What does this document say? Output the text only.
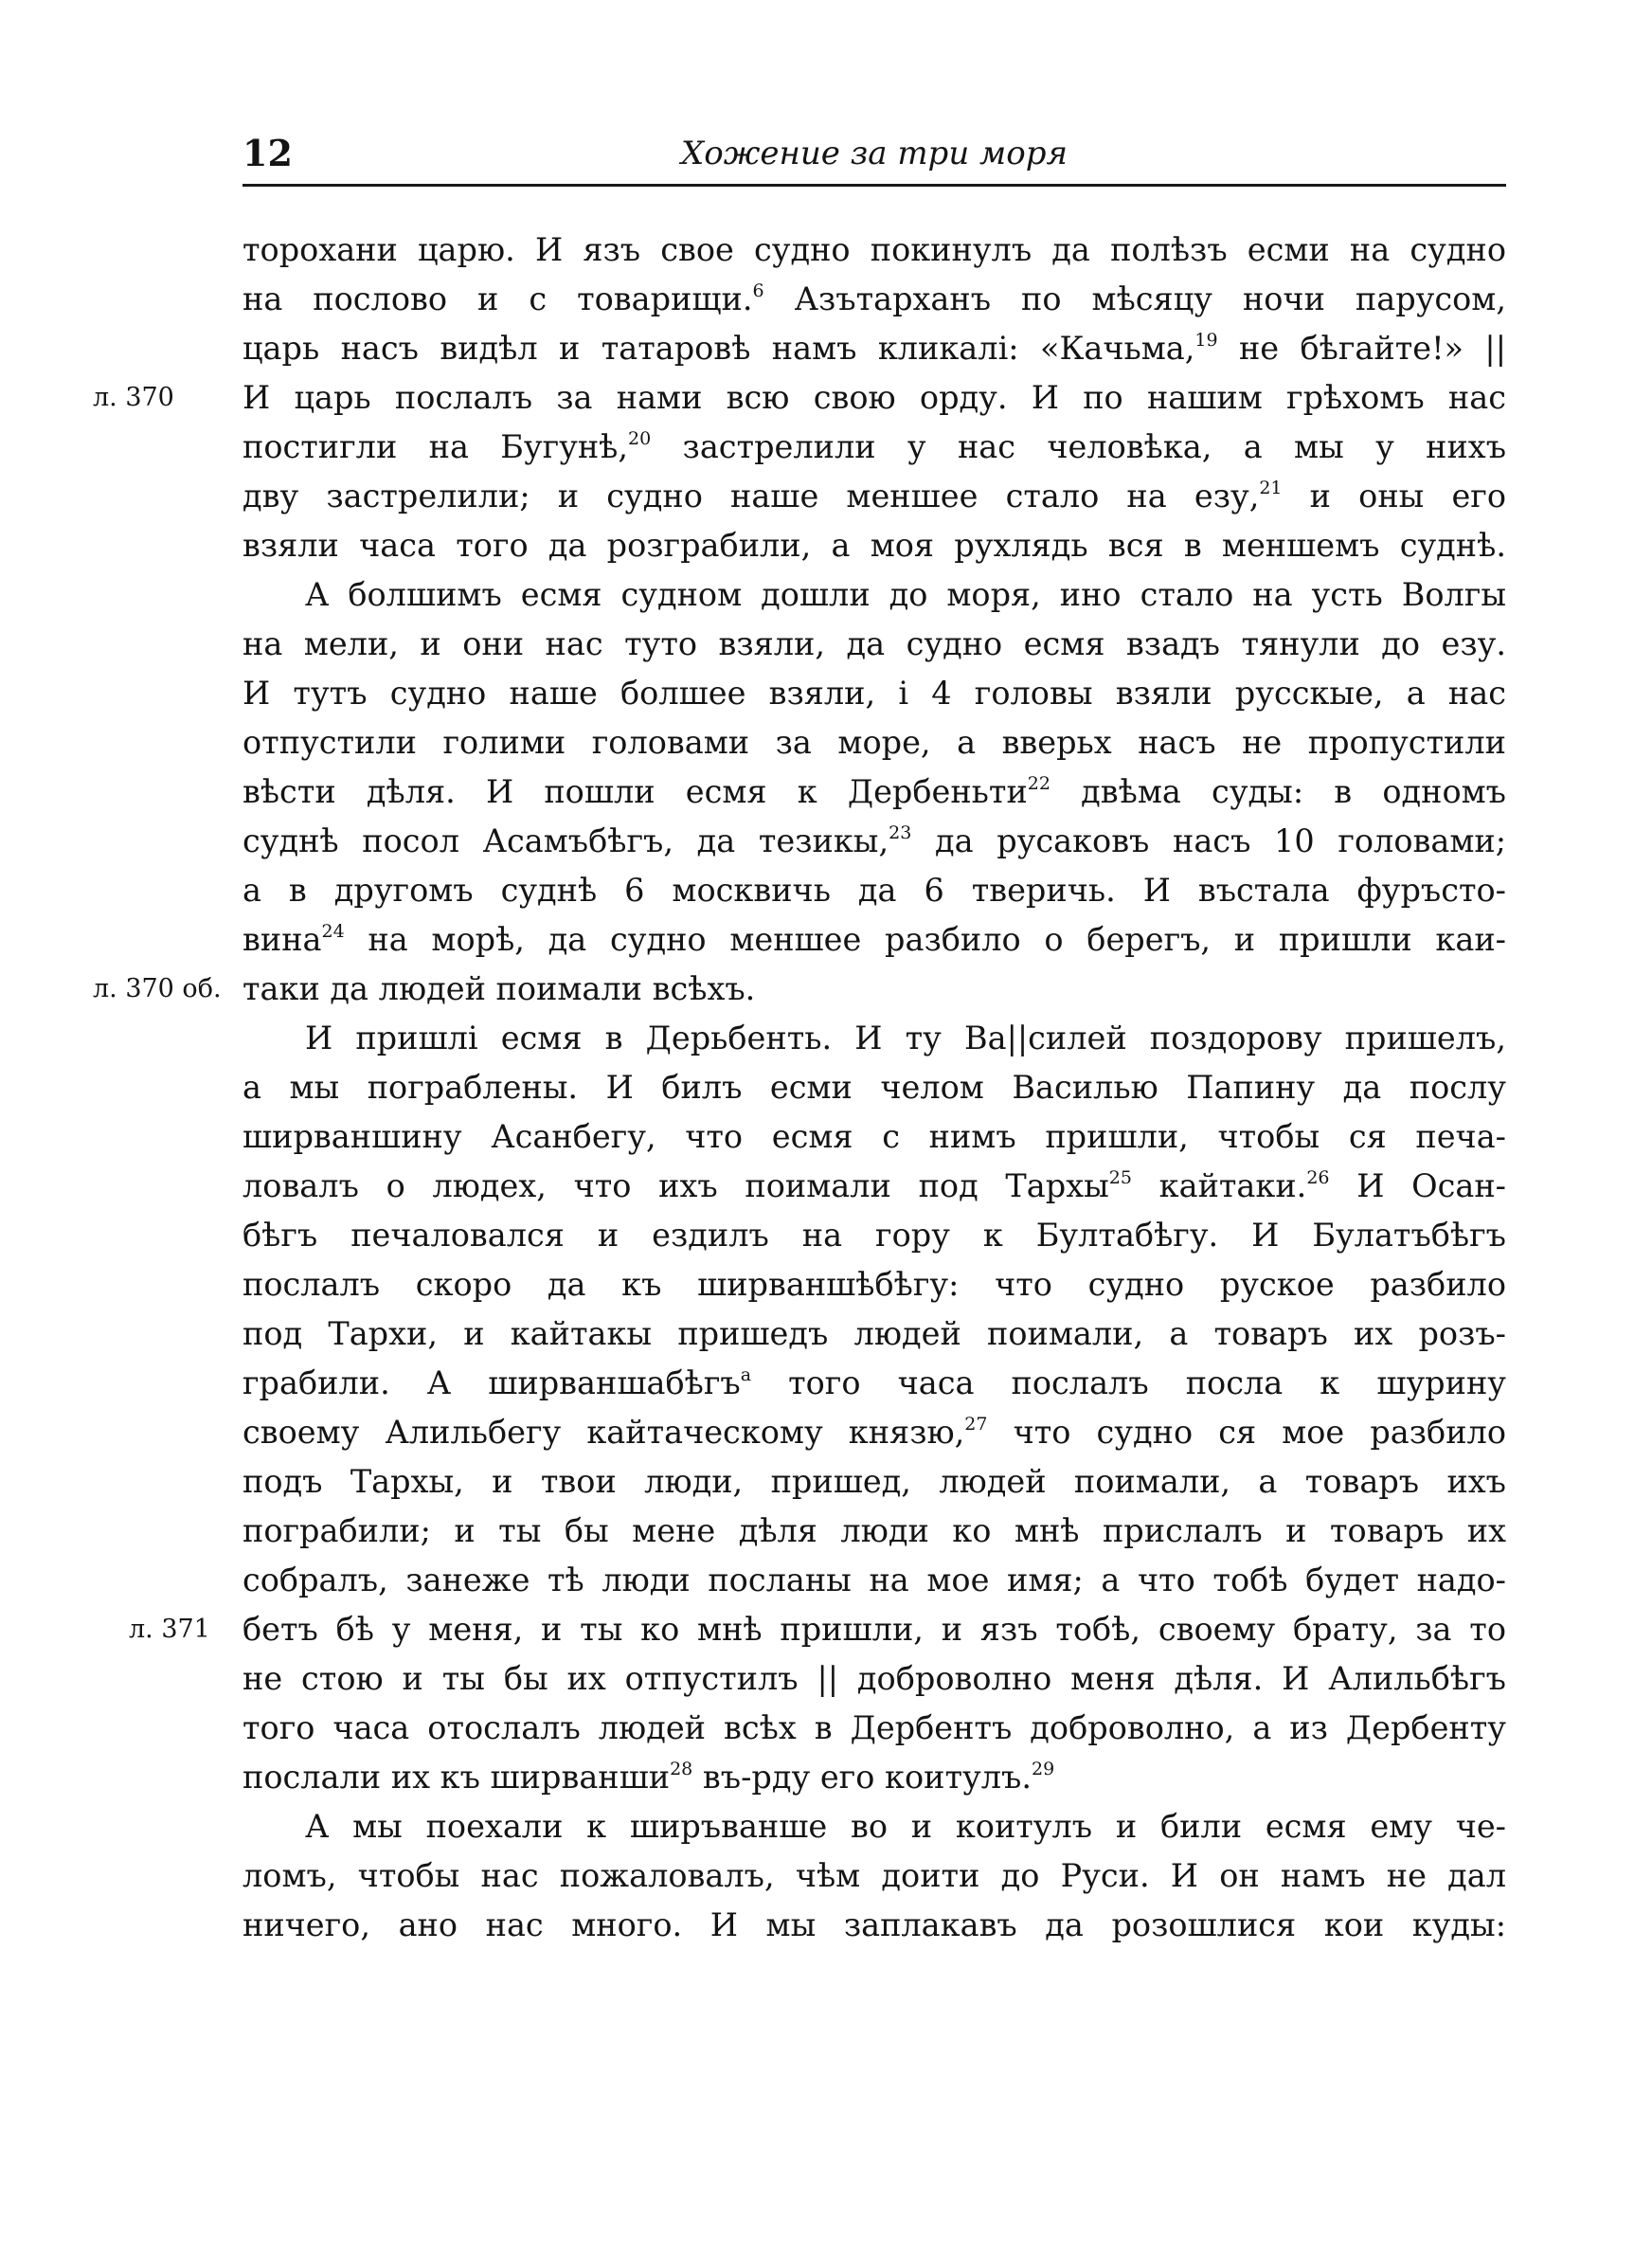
12	Хожение за три моря
л. 370
л. 370 об.
л. 371
торохани царю. И язъ свое судно покинулъ да полѣзъ есми на судно
на послово и с товарищи.$^6$ Азътарханъ по мѣсяцу ночи парусом,
царь насъ видѣл и татаровѣ намъ кликалі: «Качьма,$^{19}$ не бѣгайте!» ||
И царь послалъ за нами всю свою орду. И по нашим грѣхомъ нас
постигли на Бугунѣ,$^{20}$ застрелили у нас человѣка, а мы у нихъ
дву застрелили; и судно наше меншее стало на езу,$^{21}$ и оны его
взяли часа того да розграбили, а моя рухлядь вся в меншемъ суднѣ.
А болшимъ есмя судном дошли до моря, ино стало на усть Волгы
на мели, и они нас туто взяли, да судно есмя взадъ тянули до езу.
И тутъ судно наше болшее взяли, і 4 головы взяли русскые, а нас
отпустили голими головами за море, а вверьх насъ не пропустили
вѣсти дѣля. И пошли есмя к Дербеньти$^{22}$ двѣма суды: в одномъ
суднѣ посол Асамъбѣгъ, да тезикы,$^{23}$ да русаковъ насъ 10 головами;
а в другомъ суднѣ 6 москвичь да 6 тверичь. И въстала фуръсто-
вина$^{24}$ на морѣ, да судно меншее разбило о берегъ, и пришли каи-
таки да людей поимали всѣхъ.
И пришлі есмя в Дерьбенть. И ту Ва||силей поздорову пришелъ,
а мы пограблены. И билъ есми челом Василью Папину да послу
ширваншину Асанбегу, что есмя с нимъ пришли, чтобы ся печа-
ловалъ о людех, что ихъ поимали под Тархы$^{25}$ кайтаки.$^{26}$ И Осан-
бѣгъ печаловался и ездилъ на гору к Бултабѣгу. И Булатъбѣгъ
послалъ скоро да къ ширваншѣбѣгу: что судно руское разбило
под Тархи, и кайтакы пришедъ людей поимали, а товаръ их розъ-
грабили. А ширваншабѣгъ$^а$ того часа послалъ посла к шурину
своему Алильбегу кайтаческому князю,$^{27}$ что судно ся мое разбило
подъ Тархы, и твои люди, пришед, людей поимали, а товаръ ихъ
пограбили; и ты бы мене дѣля люди ко мнѣ прислалъ и товаръ их
собралъ, занеже тѣ люди посланы на мое имя; а что тобѣ будет надо-
бетъ бѣ у меня, и ты ко мнѣ пришли, и язъ тобѣ, своему брату, за то
не стою и ты бы их отпустилъ || доброволно меня дѣля. И Алильбѣгъ
того часа отослалъ людей всѣх в Дербентъ доброволно, а из Дербенту
послали их къ ширванши$^{28}$ въ-рду его коитулъ.$^{29}$
А мы поехали к ширъванше во и коитулъ и били есмя ему че-
ломъ, чтобы нас пожаловалъ, чѣм доити до Руси. И он намъ не дал
ничего, ано нас много. И мы заплакавъ да розошлися кои куды:
